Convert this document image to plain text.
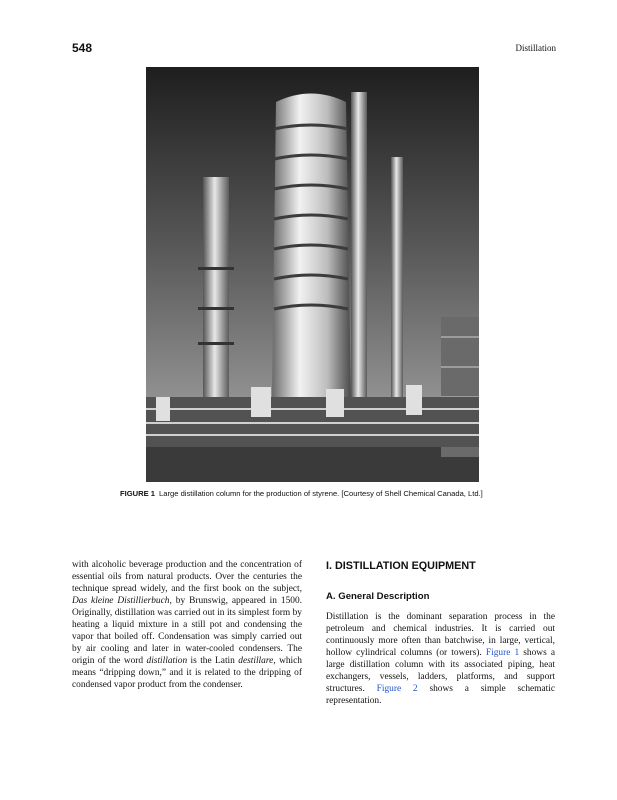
548	Distillation
FIGURE 1 Large distillation column for the production of styrene. [Courtesy of Shell Chemical Canada, Ltd.]
with alcoholic beverage production and the concentration of essential oils from natural products. Over the centuries the technique spread widely, and the first book on the subject, Das kleine Distillierbuch, by Brunswig, appeared in 1500. Originally, distillation was carried out in its simplest form by heating a liquid mixture in a still pot and condensing the vapor that boiled off. Condensation was simply carried out by air cooling and later in water-cooled condensers. The origin of the word distillation is the Latin destillare, which means “dripping down,” and it is related to the dripping of condensed vapor product from the condenser.
I. DISTILLATION EQUIPMENT
A. General Description

Distillation is the dominant separation process in the petroleum and chemical industries. It is carried out continuously more often than batchwise, in large, vertical, hollow cylindrical columns (or towers). Figure 1 shows a large distillation column with its associated piping, heat exchangers, vessels, ladders, platforms, and support structures. Figure 2 shows a simple schematic representation.
